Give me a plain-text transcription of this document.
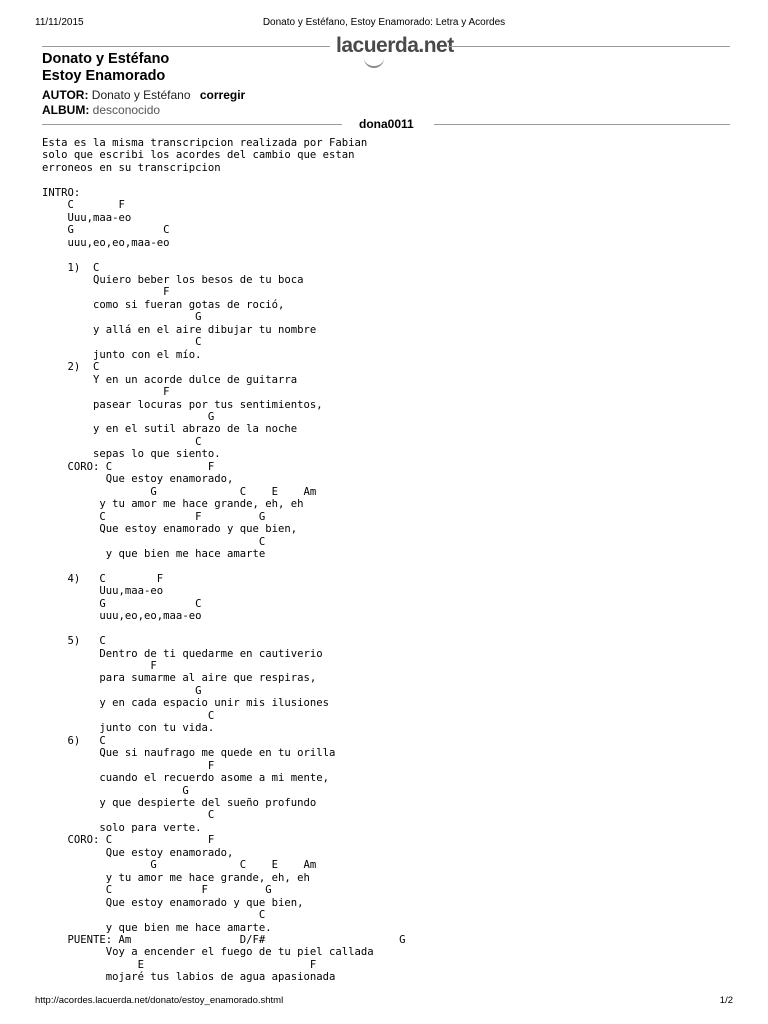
11/11/2015	Donato y Estéfano, Estoy Enamorado: Letra y Acordes
lacuerda.net
Donato y Estéfano
Estoy Enamorado
AUTOR: Donato y Estéfano corregir
ALBUM: desconocido
dona0011
Esta es la misma transcripcion realizada por Fabian
solo que escribi los acordes del cambio que estan
erroneos en su transcripcion

INTRO:
C       F
Uuu,maa-eo
G              C
uuu,eo,eo,maa-eo

1)  C
Quiero beber los besos de tu boca
F
como si fueran gotas de roció,
G
y allá en el aire dibujar tu nombre
C
junto con el mío.
2)  C
Y en un acorde dulce de guitarra
F
pasear locuras por tus sentimientos,
G
y en el sutil abrazo de la noche
C
sepas lo que siento.
CORO: C               F
Que estoy enamorado,
G             C    E    Am
y tu amor me hace grande, eh, eh
C              F         G
Que estoy enamorado y que bien,
C
y que bien me hace amarte

4)   C        F
Uuu,maa-eo
G              C
uuu,eo,eo,maa-eo

5)   C
Dentro de ti quedarme en cautiverio
F
para sumarme al aire que respiras,
G
y en cada espacio unir mis ilusiones
C
junto con tu vida.
6)   C
Que si naufrago me quede en tu orilla
F
cuando el recuerdo asome a mi mente,
G
y que despierte del sueño profundo
C
solo para verte.
CORO: C               F
Que estoy enamorado,
G             C    E    Am
y tu amor me hace grande, eh, eh
C              F         G
Que estoy enamorado y que bien,
C
y que bien me hace amarte.
PUENTE: Am                 D/F#                     G
Voy a encender el fuego de tu piel callada
E                          F
mojaré tus labios de agua apasionada
http://acordes.lacuerda.net/donato/estoy_enamorado.shtml	1/2
